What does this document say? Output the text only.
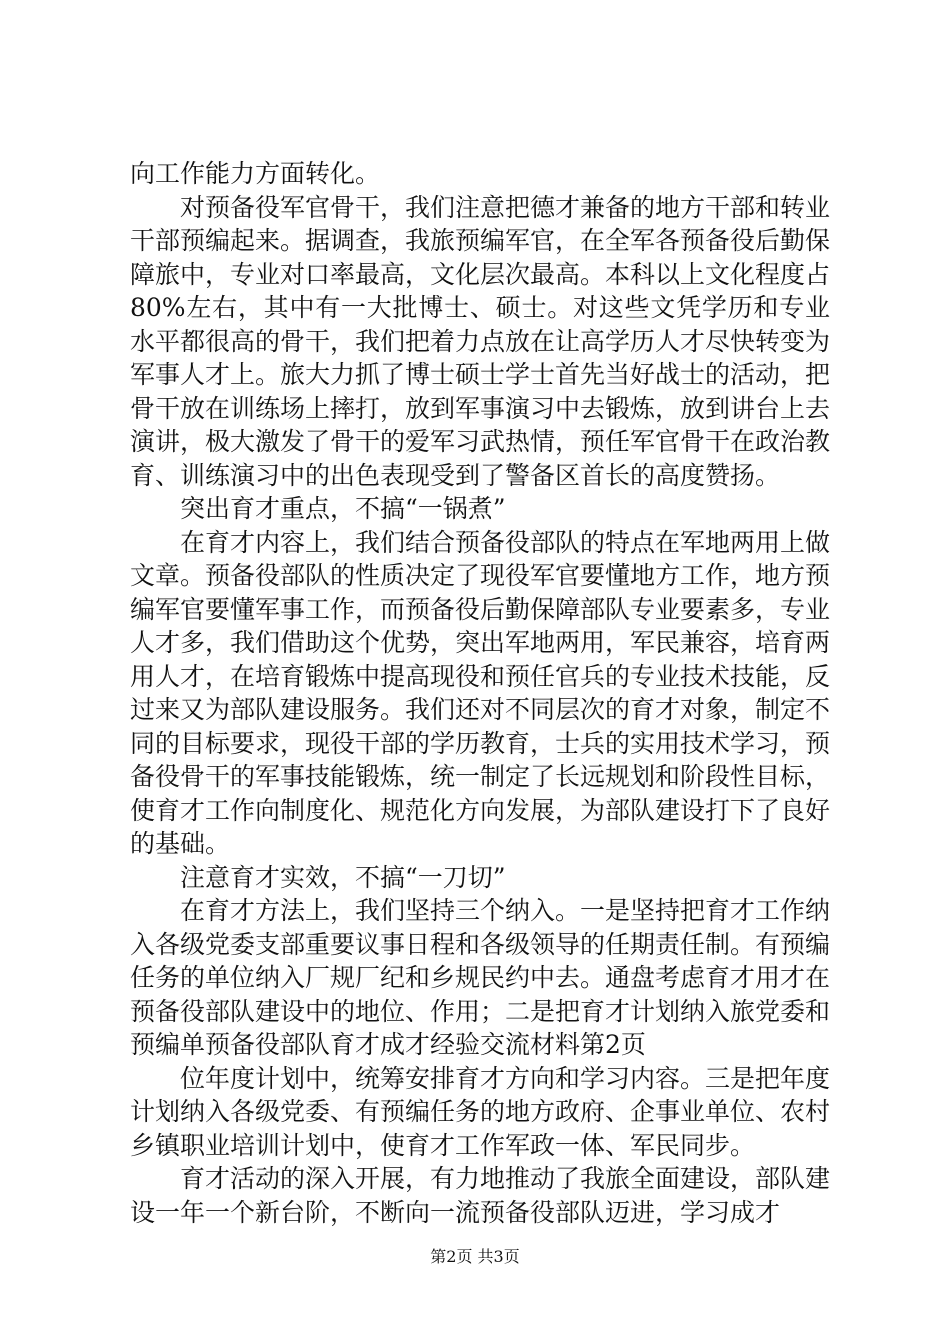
向工作能力方面转化。

对预备役军官骨干，我们注意把德才兼备的地方干部和转业干部预编起来。据调查，我旅预编军官，在全军各预备役后勤保障旅中，专业对口率最高，文化层次最高。本科以上文化程度占80%左右，其中有一大批博士、硕士。对这些文凭学历和专业水平都很高的骨干，我们把着力点放在让高学历人才尽快转变为军事人才上。旅大力抓了博士硕士学士首先当好战士的活动，把骨干放在训练场上摔打，放到军事演习中去锻炼，放到讲台上去演讲，极大激发了骨干的爱军习武热情，预任军官骨干在政治教育、训练演习中的出色表现受到了警备区首长的高度赞扬。

突出育才重点，不搞“一锅煮”

在育才内容上，我们结合预备役部队的特点在军地两用上做文章。预备役部队的性质决定了现役军官要懂地方工作，地方预编军官要懂军事工作，而预备役后勤保障部队专业要素多，专业人才多，我们借助这个优势，突出军地两用，军民兼容，培育两用人才，在培育锻炼中提高现役和预任官兵的专业技术技能，反过来又为部队建设服务。我们还对不同层次的育才对象，制定不同的目标要求，现役干部的学历教育，士兵的实用技术学习，预备役骨干的军事技能锻炼，统一制定了长远规划和阶段性目标，使育才工作向制度化、规范化方向发展，为部队建设打下了良好的基础。

注意育才实效，不搞“一刀切”

在育才方法上，我们坚持三个纳入。一是坚持把育才工作纳入各级党委支部重要议事日程和各级领导的任期责任制。有预编任务的单位纳入厂规厂纪和乡规民约中去。通盘考虑育才用才在预备役部队建设中的地位、作用；二是把育才计划纳入旅党委和预编单预备役部队育才成才经验交流材料第2页

位年度计划中，统筹安排育才方向和学习内容。三是把年度计划纳入各级党委、有预编任务的地方政府、企事业单位、农村乡镇职业培训计划中，使育才工作军政一体、军民同步。

育才活动的深入开展，有力地推动了我旅全面建设，部队建设一年一个新台阶，不断向一流预备役部队迈进，学习成才

第2页 共3页
